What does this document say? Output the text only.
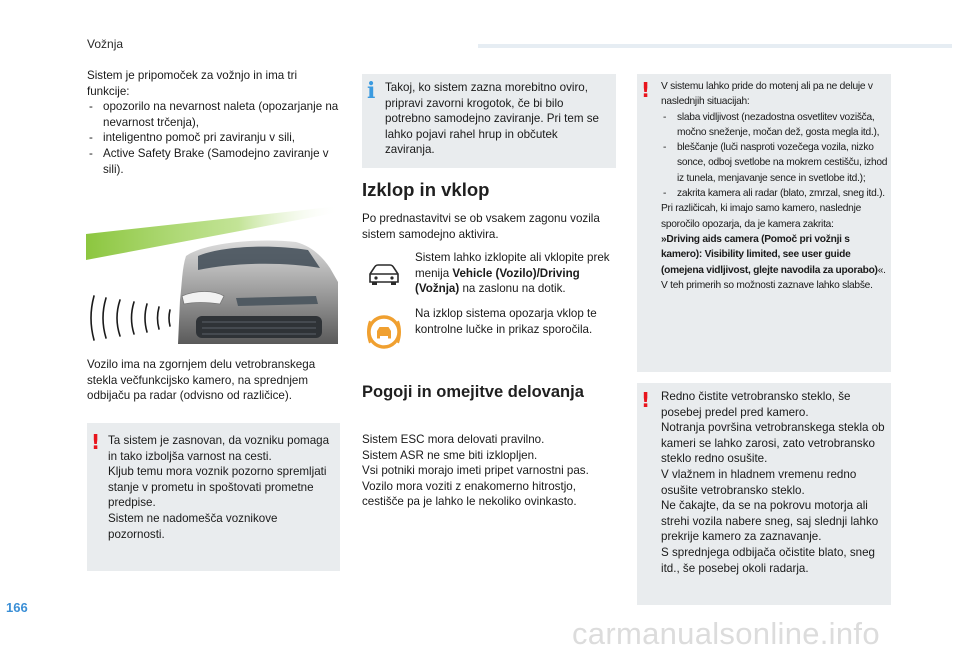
Vožnja

Sistem je pripomoček za vožnjo in ima tri funkcije:

- opozorilo na nevarnost naleta (opozarjanje na nevarnost trčenja),
- inteligentno pomoč pri zaviranju v sili,
- Active Safety Brake (Samodejno zaviranje v sili).
Vozilo ima na zgornjem delu vetrobranskega stekla večfunkcijsko kamero, na sprednjem odbijaču pa radar (odvisno od različice).
! Ta sistem je zasnovan, da vozniku pomaga in tako izboljša varnost na cesti.

Kljub temu mora voznik pozorno spremljati stanje v prometu in spoštovati prometne predpise.

Sistem ne nadomešča voznikove pozornosti.

i Takoj, ko sistem zazna morebitno oviro, pripravi zavorni krogotok, če bi bilo potrebno samodejno zaviranje. Pri tem se lahko pojavi rahel hrup in občutek zaviranja.
Izklop in vklop
Po prednastavitvi se ob vsakem zagonu vozila sistem samodejno aktivira.
Sistem lahko izklopite ali vklopite prek menija Vehicle (Vozilo)/Driving (Vožnja) na zaslonu na dotik.
Na izklop sistema opozarja vklop te kontrolne lučke in prikaz sporočila.
Pogoji in omejitve delovanja

Sistem ESC mora delovati pravilno.

Sistem ASR ne sme biti izklopljen.

Vsi potniki morajo imeti pripet varnostni pas.

Vozilo mora voziti z enakomerno hitrostjo, cestišče pa je lahko le nekoliko ovinkasto.

! V sistemu lahko pride do motenj ali pa ne deluje v naslednjih situacijah:

- slaba vidljivost (nezadostna osvetlitev vozišča, močno sneženje, močan dež, gosta megla itd.),
- bleščanje (luči nasproti vozečega vozila, nizko sonce, odboj svetlobe na mokrem cestišču, izhod iz tunela, menjavanje sence in svetlobe itd.);
- zakrita kamera ali radar (blato, zmrzal, sneg itd.).

Pri različicah, ki imajo samo kamero, naslednje sporočilo opozarja, da je kamera zakrita:

»Driving aids camera (Pomoč pri vožnji s kamero): Visibility limited, see user guide (omejena vidljivost, glejte navodila za uporabo)«.

V teh primerih so možnosti zaznave lahko slabše.

! Redno čistite vetrobransko steklo, še posebej predel pred kamero.

Notranja površina vetrobranskega stekla ob kameri se lahko zarosi, zato vetrobransko steklo redno osušite.

V vlažnem in hladnem vremenu redno osušite vetrobransko steklo.

Ne čakajte, da se na pokrovu motorja ali strehi vozila nabere sneg, saj slednji lahko prekrije kamero za zaznavanje.

S sprednjega odbijača očistite blato, sneg itd., še posebej okoli radarja.

166
carmanualsonline.info
